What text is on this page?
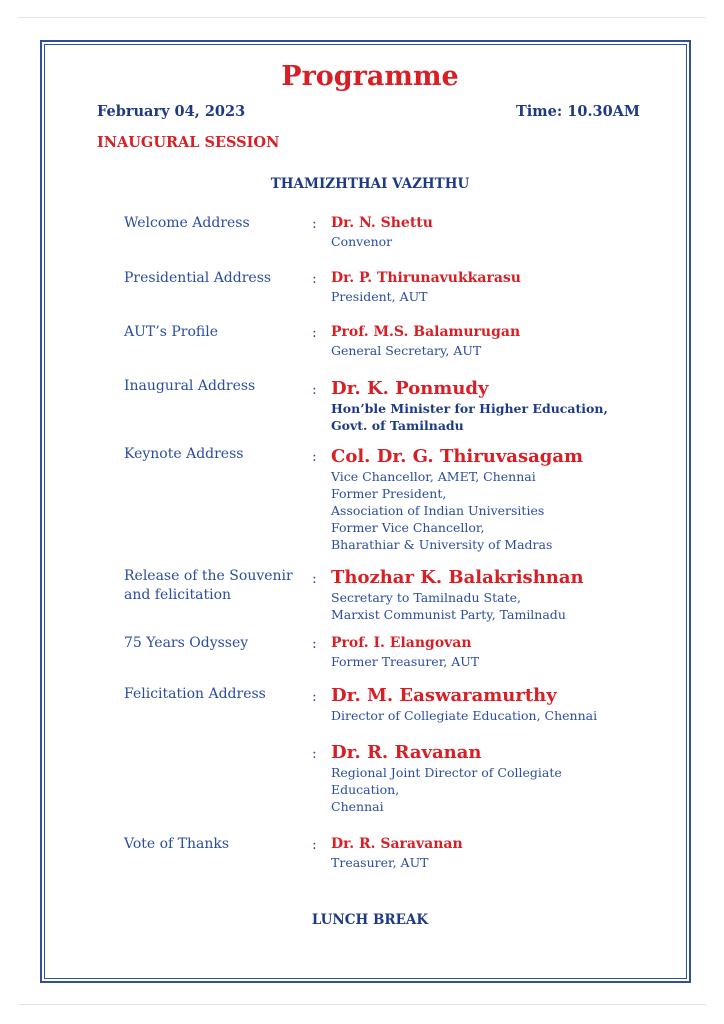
Programme
February 04, 2023	Time: 10.30AM
INAUGURAL SESSION
THAMIZHTHAI VAZHTHU
Welcome Address	: Dr. N. Shettu
Convenor
Presidential Address	: Dr. P. Thirunavukkarasu
President, AUT
AUT’s Profile	: Prof. M.S. Balamurugan
General Secretary, AUT
Inaugural Address	: Dr. K. Ponmudy
Hon’ble Minister for Higher Education,
Govt. of Tamilnadu
Keynote Address	: Col. Dr. G. Thiruvasagam
Vice Chancellor, AMET, Chennai
Former President,
Association of Indian Universities
Former Vice Chancellor,
Bharathiar & University of Madras
Release of the Souvenir
and felicitation
: Thozhar K. Balakrishnan
Secretary to Tamilnadu State,
Marxist Communist Party, Tamilnadu
75 Years Odyssey	: Prof. I. Elangovan
Former Treasurer, AUT
Felicitation Address	: Dr. M. Easwaramurthy
Director of Collegiate Education, Chennai
: Dr. R. Ravanan
Regional Joint Director of Collegiate
Education,
Chennai
Vote of Thanks	: Dr. R. Saravanan
Treasurer, AUT
LUNCH BREAK
